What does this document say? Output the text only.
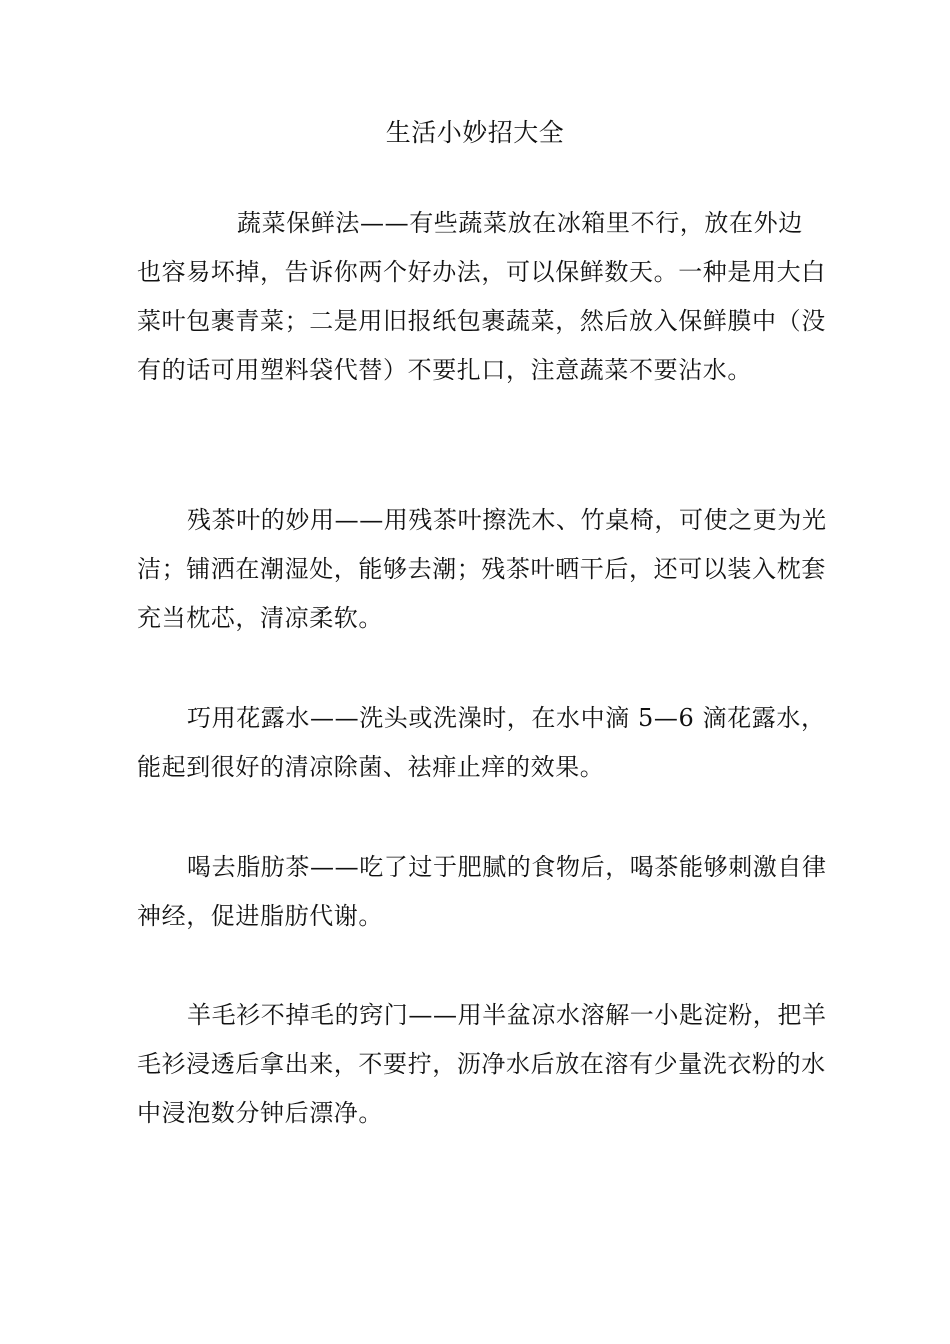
生活小妙招大全

蔬菜保鲜法——有些蔬菜放在冰箱里不行，放在外边也容易坏掉，告诉你两个好办法，可以保鲜数天。一种是用大白菜叶包裹青菜；二是用旧报纸包裹蔬菜，然后放入保鲜膜中（没有的话可用塑料袋代替）不要扎口，注意蔬菜不要沾水。

残茶叶的妙用——用残茶叶擦洗木、竹桌椅，可使之更为光洁；铺洒在潮湿处，能够去潮；残茶叶晒干后，还可以装入枕套充当枕芯，清凉柔软。

巧用花露水——洗头或洗澡时，在水中滴 5—6 滴花露水，能起到很好的清凉除菌、祛痱止痒的效果。

喝去脂肪茶——吃了过于肥腻的食物后，喝茶能够刺激自律神经，促进脂肪代谢。

羊毛衫不掉毛的窍门——用半盆凉水溶解一小匙淀粉，把羊毛衫浸透后拿出来，不要拧，沥净水后放在溶有少量洗衣粉的水中浸泡数分钟后漂净。
